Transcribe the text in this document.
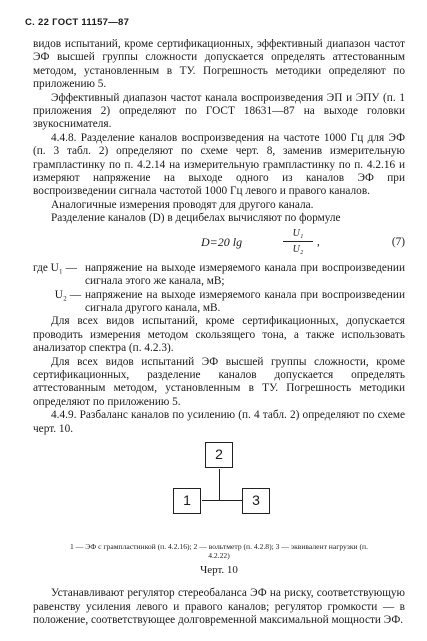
С. 22 ГОСТ 11157—87

видов испытаний, кроме сертификационных, эффективный диапазон частот ЭФ высшей группы сложности допускается определять аттестованным методом, установленным в ТУ. Погрешность методики определяют по приложению 5.

Эффективный диапазон частот канала воспроизведения ЭП и ЭПУ (п. 1 приложения 2) определяют по ГОСТ 18631—87 на выходе головки звукоснимателя.

4.4.8. Разделение каналов воспроизведения на частоте 1000 Гц для ЭФ (п. 3 табл. 2) определяют по схеме черт. 8, заменив измерительную грампластинку по п. 4.2.14 на измерительную грампластинку по п. 4.2.16 и измеряют напряжение на выходе одного из каналов ЭФ при воспроизведении сигнала частотой 1000 Гц левого и правого каналов.

Аналогичные измерения проводят для другого канала.

Разделение каналов (D) в децибелах вычисляют по формуле

D=20 lg
U₁
U₂
,	(7)
где U₁ — напряжение на выходе измеряемого канала при воспроизведении сигнала этого же канала, мВ;
U₂ — напряжение на выходе измеряемого канала при воспроизведении сигнала другого канала, мВ.

Для всех видов испытаний, кроме сертификационных, допускается проводить измерения методом скользящего тона, а также использовать анализатор спектра (п. 4.2.3).

Для всех видов испытаний ЭФ высшей группы сложности, кроме сертификационных, разделение каналов допускается определять аттестованным методом, установленным в ТУ. Погрешность методики определяют по приложению 5.

4.4.9. Разбаланс каналов по усилению (п. 4 табл. 2) определяют по схеме черт. 10.

2
1	3
1 — ЭФ с грампластинкой (п. 4.2.16); 2 — вольтметр (п. 4.2.8); 3 — эквивалент нагрузки (п. 4.2.22)
Черт. 10

Устанавливают регулятор стереобаланса ЭФ на риску, соответствующую равенству усиления левого и правого каналов; регулятор громкости — в положение, соответствующее долговременной максимальной мощности ЭФ.
